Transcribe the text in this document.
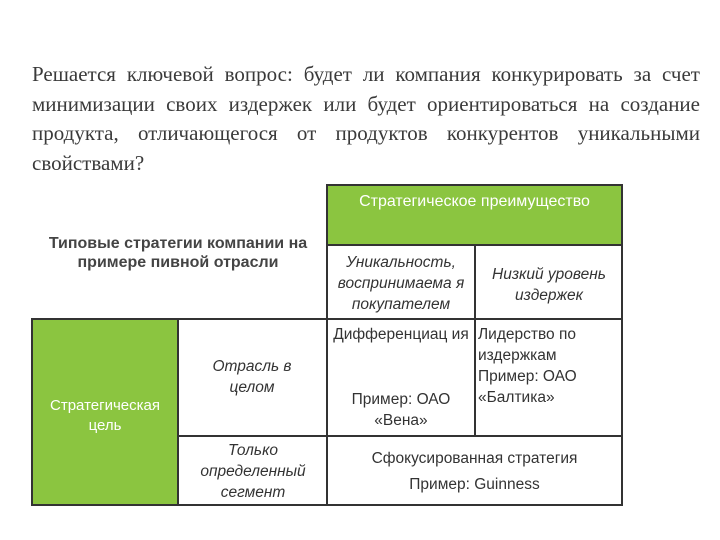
Решается ключевой вопрос: будет ли компания конкурировать за счет минимизации своих издержек или будет ориентироваться на создание продукта, отличающегося от продуктов конкурентов уникальными свойствами?

Стратегическое преимущество
Типовые стратегии компании на примере пивной отрасли	Уникальность, воспринимаема я покупателем
Низкий уровень издержек
Стратегическая цель
Отрасль в целом
Только определенный сегмент
Дифференциац ия
Пример: ОАО «Вена»
Лидерство по издержкам Пример: ОАО «Балтика»
Сфокусированная стратегия
Пример: Guinness
